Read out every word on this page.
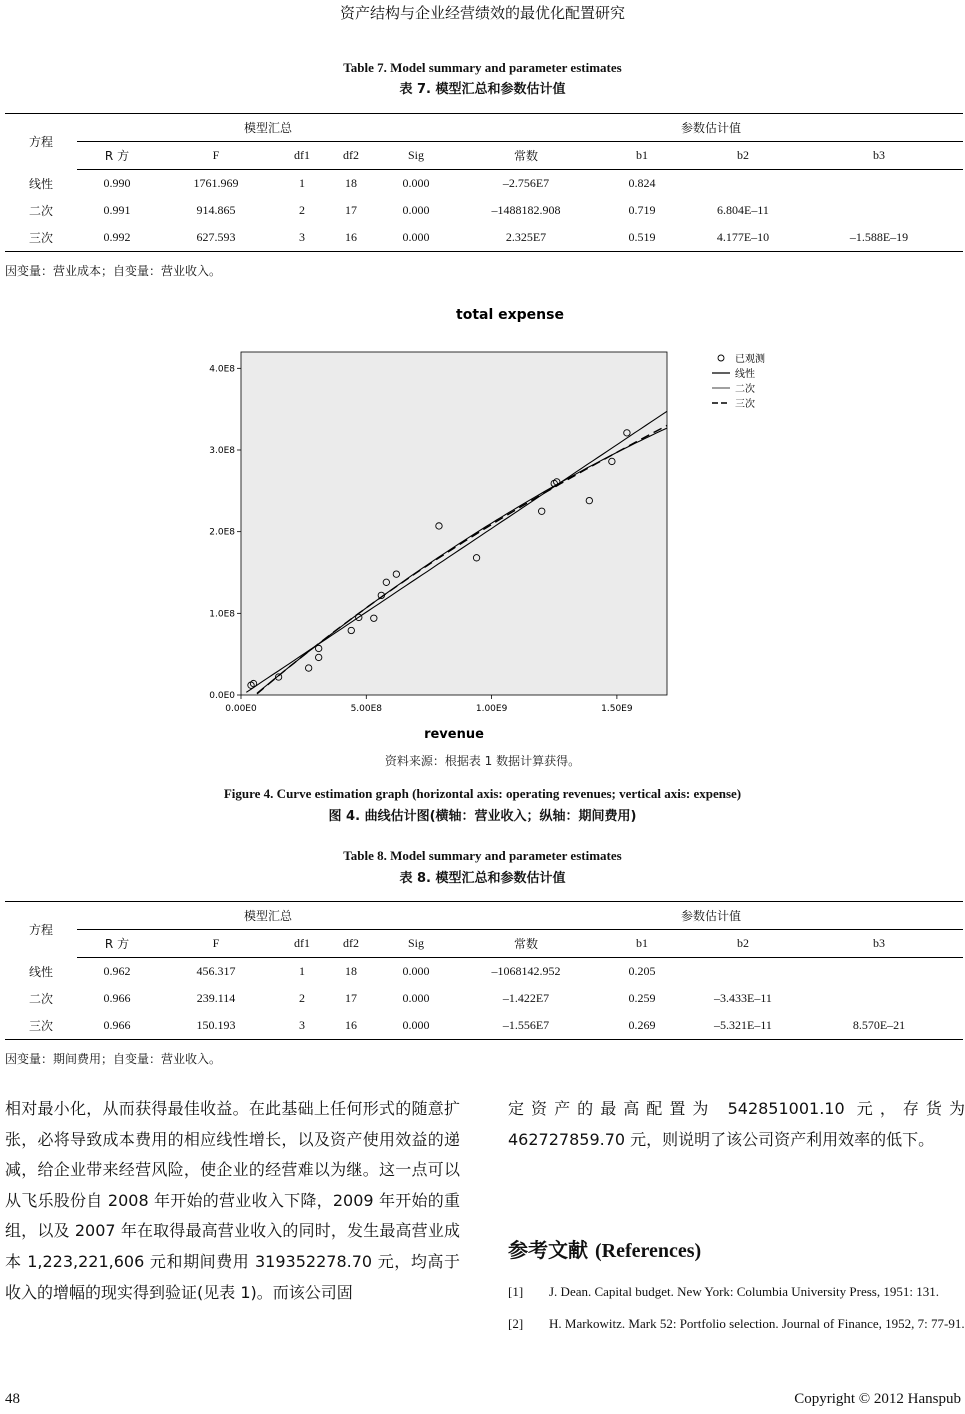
资产结构与企业经营绩效的最优化配置研究
Table 7. Model summary and parameter estimates
表 7. 模型汇总和参数估计值
方程	模型汇总					参数估计值			
	R 方	F	df1	df2	Sig	常数	b1	b2	b3
线性	0.990	1761.969	1	18	0.000	–2.756E7	0.824		
二次	0.991	914.865	2	17	0.000	–1488182.908	0.719	6.804E–11	
三次	0.992	627.593	3	16	0.000	2.325E7	0.519	4.177E–10	–1.588E–19
因变量：营业成本；自变量：营业收入。
total expense
0.0E0
1.0E8
2.0E8
3.0E8
4.0E8
0.00E0	5.00E8	1.00E9	1.50E9
revenue
已观测
线性
二次
三次
资料来源：根据表 1 数据计算获得。
Figure 4. Curve estimation graph (horizontal axis: operating revenues; vertical axis: expense)
图 4. 曲线估计图(横轴：营业收入；纵轴：期间费用)
Table 8. Model summary and parameter estimates
表 8. 模型汇总和参数估计值
方程	模型汇总					参数估计值			
	R 方	F	df1	df2	Sig	常数	b1	b2	b3
线性	0.962	456.317	1	18	0.000	–1068142.952	0.205		
二次	0.966	239.114	2	17	0.000	–1.422E7	0.259	–3.433E–11	
三次	0.966	150.193	3	16	0.000	–1.556E7	0.269	–5.321E–11	8.570E–21
因变量：期间费用；自变量：营业收入。
相对最小化，从而获得最佳收益。在此基础上任何形式的随意扩张，必将导致成本费用的相应线性增长，以及资产使用效益的递减，给企业带来经营风险，使企业的经营难以为继。这一点可以从飞乐股份自 2008 年开始的营业收入下降，2009 年开始的重组，以及 2007 年在取得最高营业收入的同时，发生最高营业成本 1,223,221,606 元和期间费用 319352278.70 元，均高于收入的增幅的现实得到验证(见表 1)。而该公司固
定资产的最高配置为 542851001.10 元，存货为 462727859.70 元，则说明了该公司资产利用效率的低下。
参考文献 (References)
[1] J. Dean. Capital budget. New York: Columbia University Press, 1951: 131.
[2] H. Markowitz. Mark 52: Portfolio selection. Journal of Finance, 1952, 7: 77-91.
48	Copyright © 2012 Hanspub
